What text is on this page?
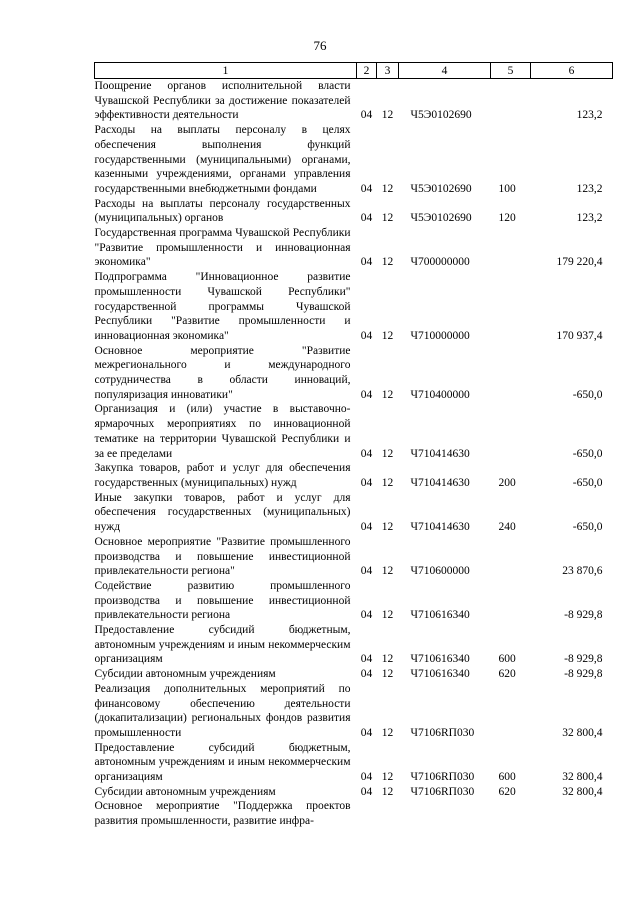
76
1	2	3	4	5	6
Поощрение органов исполнительной власти Чувашской Республики за достижение показателей эффективности деятельности	04	12	Ч5Э0102690		123,2
Расходы на выплаты персоналу в целях обеспечения выполнения функций государственными (муниципальными) органами, казенными учреждениями, органами управления государственными внебюджетными фондами	04	12	Ч5Э0102690	100	123,2
Расходы на выплаты персоналу государственных (муниципальных) органов	04	12	Ч5Э0102690	120	123,2
Государственная программа Чувашской Республики "Развитие промышленности и инновационная экономика"	04	12	Ч700000000		179 220,4
Подпрограмма "Инновационное развитие промышленности Чувашской Республики" государственной программы Чувашской Республики "Развитие промышленности и инновационная экономика"	04	12	Ч710000000		170 937,4
Основное мероприятие "Развитие межрегионального и международного сотрудничества в области инноваций, популяризация инноватики"	04	12	Ч710400000		-650,0
Организация и (или) участие в выставочно-ярмарочных мероприятиях по инновационной тематике на территории Чувашской Республики и за ее пределами	04	12	Ч710414630		-650,0
Закупка товаров, работ и услуг для обеспечения государственных (муниципальных) нужд	04	12	Ч710414630	200	-650,0
Иные закупки товаров, работ и услуг для обеспечения государственных (муниципальных) нужд	04	12	Ч710414630	240	-650,0
Основное мероприятие "Развитие промышленного производства и повышение инвестиционной привлекательности региона"	04	12	Ч710600000		23 870,6
Содействие развитию промышленного производства и повышение инвестиционной привлекательности региона	04	12	Ч710616340		-8 929,8
Предоставление субсидий бюджетным, автономным учреждениям и иным некоммерческим организациям	04	12	Ч710616340	600	-8 929,8
Субсидии автономным учреждениям	04	12	Ч710616340	620	-8 929,8
Реализация дополнительных мероприятий по финансовому обеспечению деятельности (докапитализации) региональных фондов развития промышленности	04	12	Ч7106RП030		32 800,4
Предоставление субсидий бюджетным, автономным учреждениям и иным некоммерческим организациям	04	12	Ч7106RП030	600	32 800,4
Субсидии автономным учреждениям	04	12	Ч7106RП030	620	32 800,4
Основное мероприятие "Поддержка проектов развития промышленности, развитие инфра-					
